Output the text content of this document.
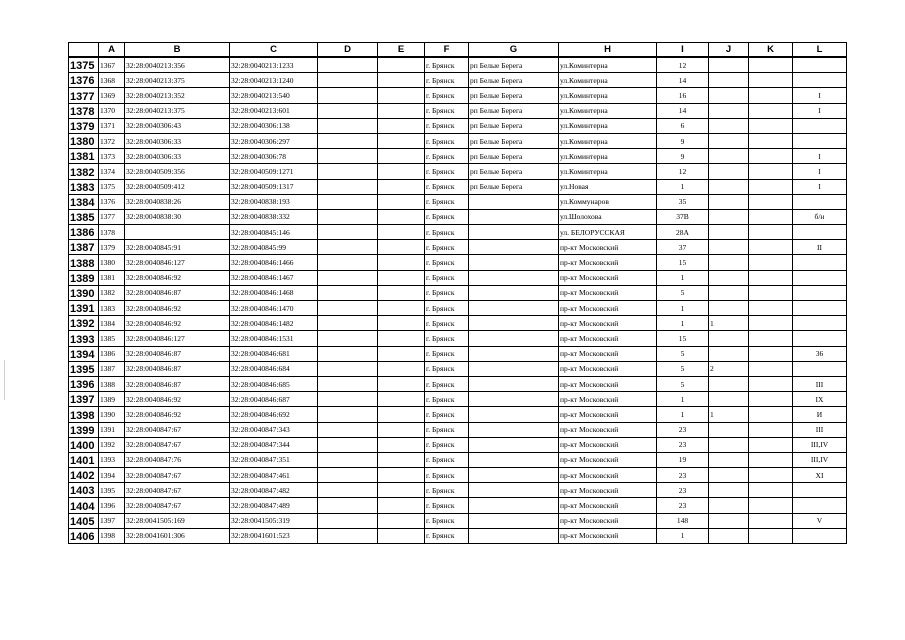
	A	B	C	D	E	F	G	H	I	J	K	L
1375	1367	32:28:0040213:356	32:28:0040213:1233			г. Брянск	рп Белые Берега	ул.Коминтерна	12			
1376	1368	32:28:0040213:375	32:28:0040213:1240			г. Брянск	рп Белые Берега	ул.Коминтерна	14			
1377	1369	32:28:0040213:352	32:28:0040213:540			г. Брянск	рп Белые Берега	ул.Коминтерна	16			I
1378	1370	32:28:0040213:375	32:28:0040213:601			г. Брянск	рп Белые Берега	ул.Коминтерна	14			I
1379	1371	32:28:0040306:43	32:28:0040306:138			г. Брянск	рп Белые Берега	ул.Коминтерна	6			
1380	1372	32:28:0040306:33	32:28:0040306:297			г. Брянск	рп Белые Берега	ул.Коминтерна	9			
1381	1373	32:28:0040306:33	32:28:0040306:78			г. Брянск	рп Белые Берега	ул.Коминтерна	9			I
1382	1374	32:28:0040509:356	32:28:0040509:1271			г. Брянск	рп Белые Берега	ул.Коминтерна	12			I
1383	1375	32:28:0040509:412	32:28:0040509:1317			г. Брянск	рп Белые Берега	ул.Новая	1			I
1384	1376	32:28:0040838:26	32:28:0040838:193			г. Брянск		ул.Коммунаров	35			
1385	1377	32:28:0040838:30	32:28:0040838:332			г. Брянск		ул.Шолохова	37В			б/н
1386	1378		32:28:0040845:146			г. Брянск		ул. БЕЛОРУССКАЯ	28А			
1387	1379	32:28:0040845:91	32:28:0040845:99			г. Брянск		пр-кт Московский	37			II
1388	1380	32:28:0040846:127	32:28:0040846:1466			г. Брянск		пр-кт Московский	15			
1389	1381	32:28:0040846:92	32:28:0040846:1467			г. Брянск		пр-кт Московский	1			
1390	1382	32:28:0040846:87	32:28:0040846:1468			г. Брянск		пр-кт Московский	5			
1391	1383	32:28:0040846:92	32:28:0040846:1470			г. Брянск		пр-кт Московский	1			
1392	1384	32:28:0040846:92	32:28:0040846:1482			г. Брянск		пр-кт Московский	1	1		
1393	1385	32:28:0040846:127	32:28:0040846:1531			г. Брянск		пр-кт Московский	15			
1394	1386	32:28:0040846:87	32:28:0040846:681			г. Брянск		пр-кт Московский	5			36
1395	1387	32:28:0040846:87	32:28:0040846:684			г. Брянск		пр-кт Московский	5	2		
1396	1388	32:28:0040846:87	32:28:0040846:685			г. Брянск		пр-кт Московский	5			III
1397	1389	32:28:0040846:92	32:28:0040846:687			г. Брянск		пр-кт Московский	1			IX
1398	1390	32:28:0040846:92	32:28:0040846:692			г. Брянск		пр-кт Московский	1	1		И
1399	1391	32:28:0040847:67	32:28:0040847:343			г. Брянск		пр-кт Московский	23			III
1400	1392	32:28:0040847:67	32:28:0040847:344			г. Брянск		пр-кт Московский	23			III,IV
1401	1393	32:28:0040847:76	32:28:0040847:351			г. Брянск		пр-кт Московский	19			III,IV
1402	1394	32:28:0040847:67	32:28:0040847:461			г. Брянск		пр-кт Московский	23			XI
1403	1395	32:28:0040847:67	32:28:0040847:482			г. Брянск		пр-кт Московский	23			
1404	1396	32:28:0040847:67	32:28:0040847:489			г. Брянск		пр-кт Московский	23			
1405	1397	32:28:0041505:169	32:28:0041505:319			г. Брянск		пр-кт Московский	148			V
1406	1398	32:28:0041601:306	32:28:0041601:523			г. Брянск		пр-кт Московский	1			
